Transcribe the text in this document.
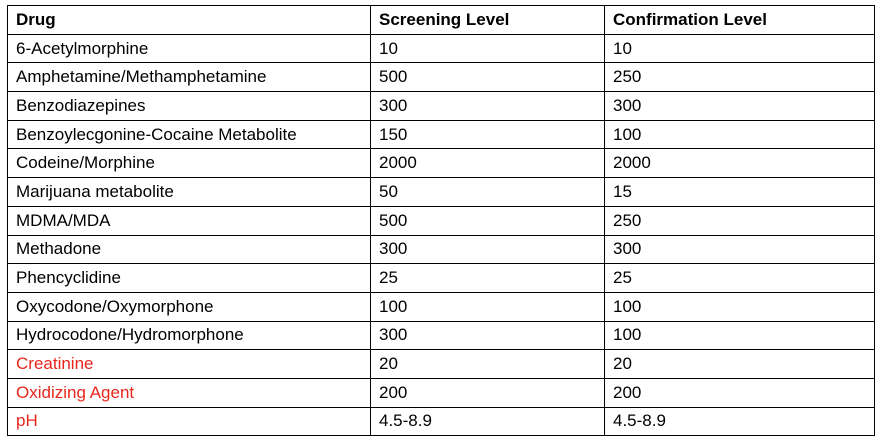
Drug	Screening Level	Confirmation Level
6-Acetylmorphine	10	10
Amphetamine/Methamphetamine	500	250
Benzodiazepines	300	300
Benzoylecgonine-Cocaine Metabolite	150	100
Codeine/Morphine	2000	2000
Marijuana metabolite	50	15
MDMA/MDA	500	250
Methadone	300	300
Phencyclidine	25	25
Oxycodone/Oxymorphone	100	100
Hydrocodone/Hydromorphone	300	100
Creatinine	20	20
Oxidizing Agent	200	200
pH	4.5-8.9	4.5-8.9
